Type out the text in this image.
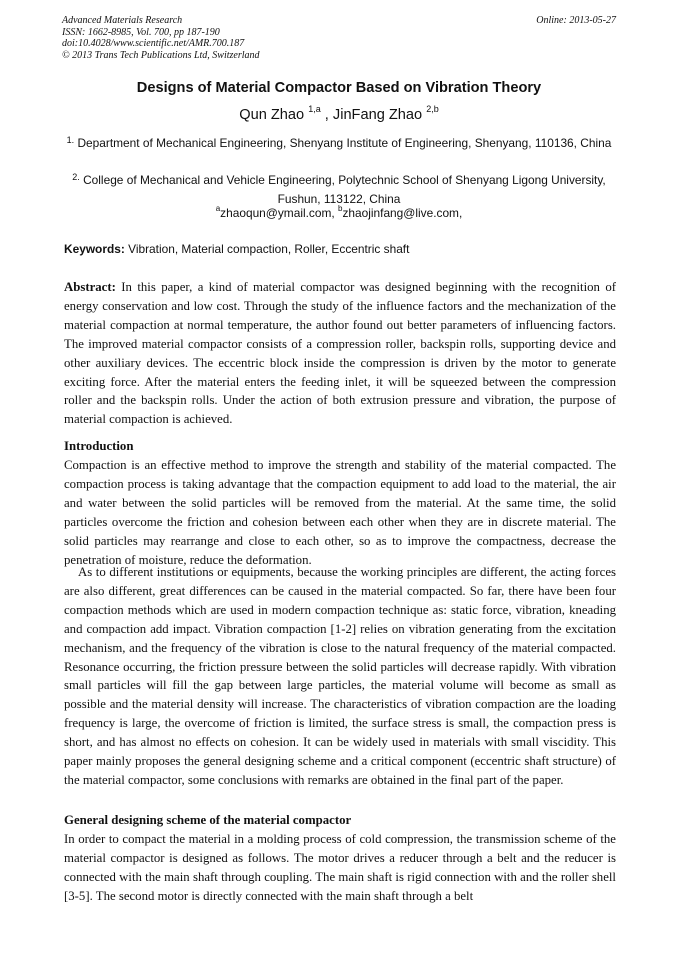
Advanced Materials Research
ISSN: 1662-8985, Vol. 700, pp 187-190
doi:10.4028/www.scientific.net/AMR.700.187
© 2013 Trans Tech Publications Ltd, Switzerland
Online: 2013-05-27
Designs of Material Compactor Based on Vibration Theory
Qun Zhao $^{1,a}$ , JinFang Zhao $^{2,b}$
$^{1.}$ Department of Mechanical Engineering, Shenyang Institute of Engineering, Shenyang, 110136, China
$^{2.}$ College of Mechanical and Vehicle Engineering, Polytechnic School of Shenyang Ligong University, Fushun, 113122, China
$^a$zhaoqun@ymail.com, $^b$zhaojinfang@live.com,
Keywords: Vibration, Material compaction, Roller, Eccentric shaft
Abstract: In this paper, a kind of material compactor was designed beginning with the recognition of energy conservation and low cost. Through the study of the influence factors and the mechanization of the material compaction at normal temperature, the author found out better parameters of influencing factors. The improved material compactor consists of a compression roller, backspin rolls, supporting device and other auxiliary devices. The eccentric block inside the compression is driven by the motor to generate exciting force. After the material enters the feeding inlet, it will be squeezed between the compression roller and the backspin rolls. Under the action of both extrusion pressure and vibration, the purpose of material compaction is achieved.
Introduction
Compaction is an effective method to improve the strength and stability of the material compacted. The compaction process is taking advantage that the compaction equipment to add load to the material, the air and water between the solid particles will be removed from the material. At the same time, the solid particles overcome the friction and cohesion between each other when they are in discrete material. The solid particles may rearrange and close to each other, so as to improve the compactness, decrease the penetration of moisture, reduce the deformation.
As to different institutions or equipments, because the working principles are different, the acting forces are also different, great differences can be caused in the material compacted. So far, there have been four compaction methods which are used in modern compaction technique as: static force, vibration, kneading and compaction add impact. Vibration compaction [1-2] relies on vibration generating from the excitation mechanism, and the frequency of the vibration is close to the natural frequency of the material compacted. Resonance occurring, the friction pressure between the solid particles will decrease rapidly. With vibration small particles will fill the gap between large particles, the material volume will become as small as possible and the material density will increase. The characteristics of vibration compaction are the loading frequency is large, the overcome of friction is limited, the surface stress is small, the compaction press is short, and has almost no effects on cohesion. It can be widely used in materials with small viscidity. This paper mainly proposes the general designing scheme and a critical component (eccentric shaft structure) of the material compactor, some conclusions with remarks are obtained in the final part of the paper.
General designing scheme of the material compactor
In order to compact the material in a molding process of cold compression, the transmission scheme of the material compactor is designed as follows. The motor drives a reducer through a belt and the reducer is connected with the main shaft through coupling. The main shaft is rigid connection with and the roller shell [3-5]. The second motor is directly connected with the main shaft through a belt
